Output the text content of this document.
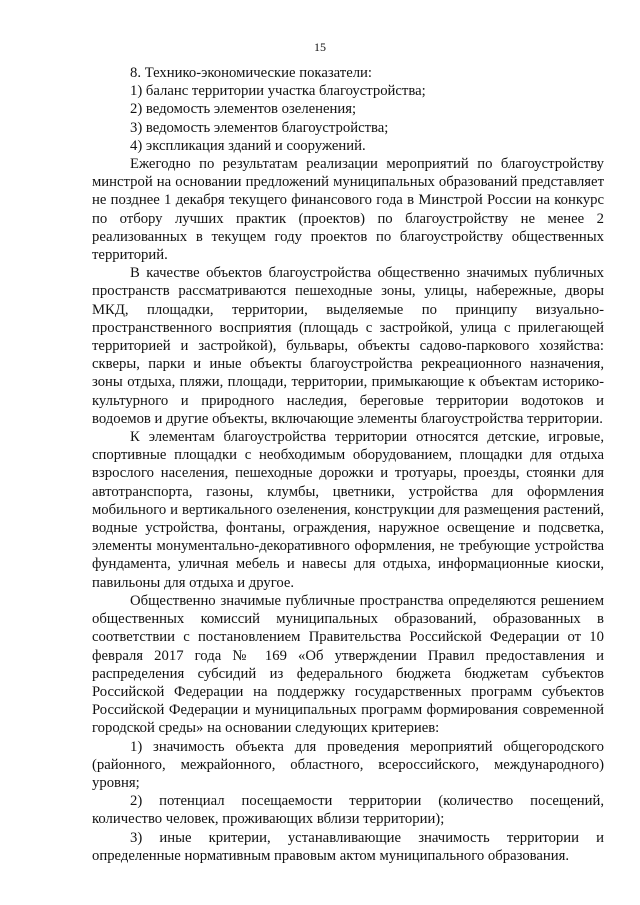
15

8. Технико-экономические показатели:

1) баланс территории участка благоустройства;

2) ведомость элементов озеленения;

3) ведомость элементов благоустройства;

4) экспликация зданий и сооружений.

Ежегодно по результатам реализации мероприятий по благоустройству минстрой на основании предложений муниципальных образований представляет не позднее 1 декабря текущего финансового года в Минстрой России на конкурс по отбору лучших практик (проектов) по благоустройству не менее 2 реализованных в текущем году проектов по благоустройству общественных территорий.

В качестве объектов благоустройства общественно значимых публичных пространств рассматриваются пешеходные зоны, улицы, набережные, дворы МКД, площадки, территории, выделяемые по принципу визуально-пространственного восприятия (площадь с застройкой, улица с прилегающей территорией и застройкой), бульвары, объекты садово-паркового хозяйства: скверы, парки и иные объекты благоустройства рекреационного назначения, зоны отдыха, пляжи, площади, территории, примыкающие к объектам историко-культурного и природного наследия, береговые территории водотоков и водоемов и другие объекты, включающие элементы благоустройства территории.

К элементам благоустройства территории относятся детские, игровые, спортивные площадки с необходимым оборудованием, площадки для отдыха взрослого населения, пешеходные дорожки и тротуары, проезды, стоянки для автотранспорта, газоны, клумбы, цветники, устройства для оформления мобильного и вертикального озеленения, конструкции для размещения растений, водные устройства, фонтаны, ограждения, наружное освещение и подсветка, элементы монументально-декоративного оформления, не требующие устройства фундамента, уличная мебель и навесы для отдыха, информационные киоски, павильоны для отдыха и другое.

Общественно значимые публичные пространства определяются решением общественных комиссий муниципальных образований, образованных в соответствии с постановлением Правительства Российской Федерации от 10 февраля 2017 года № 169 «Об утверждении Правил предоставления и распределения субсидий из федерального бюджета бюджетам субъектов Российской Федерации на поддержку государственных программ субъектов Российской Федерации и муниципальных программ формирования современной городской среды» на основании следующих критериев:

1) значимость объекта для проведения мероприятий общегородского (районного, межрайонного, областного, всероссийского, международного) уровня;

2) потенциал посещаемости территории (количество посещений, количество человек, проживающих вблизи территории);

3) иные критерии, устанавливающие значимость территории и определенные нормативным правовым актом муниципального образования.
